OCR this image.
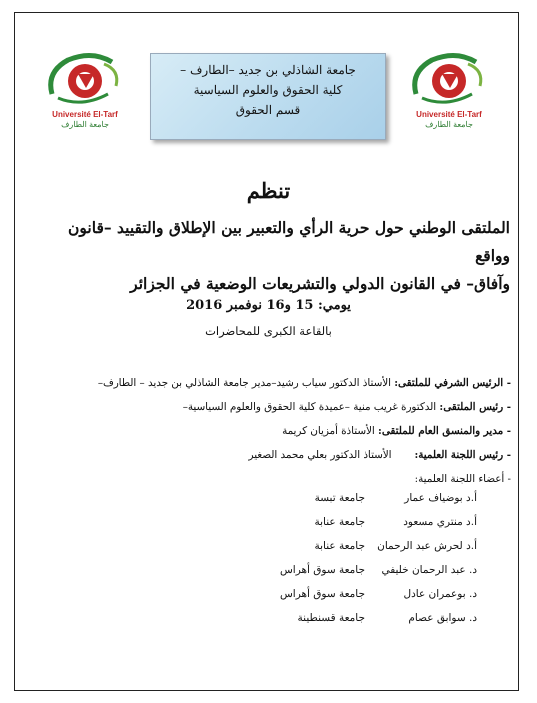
Université El-Tarf
جامعة الطارف
Université El-Tarf
جامعة الطارف
جامعة الشاذلي بن جديد –الطارف –
كلية الحقوق والعلوم السياسية
قسم الحقوق
تنظم
الملتقى الوطني حول حرية الرأي والتعبير بين الإطلاق والتقييد –قانون وواقع
وآفاق– في القانون الدولي والتشريعات الوضعية في الجزائر
يومي: 15 و16 نوفمبر 2016
بالقاعة الكبرى للمحاضرات
- الرئيس الشرفي للملتقى: الأستاذ الدكتور سياب رشيد–مدير جامعة الشاذلي بن جديد – الطارف–
- رئيس الملتقى: الدكتورة غريب منية –عميدة كلية الحقوق والعلوم السياسية–
- مدير والمنسق العام للملتقى: الأستاذة أمزيان كريمة
- رئيس اللجنة العلمية:       الأستاذ الدكتور بعلي محمد الصغير
- أعضاء اللجنة العلمية:
أ.د بوضياف عمار
جامعة تبسة
أ.د منتري مسعود
جامعة عنابة
أ.د لحرش عبد الرحمان
جامعة عنابة
د. عبد الرحمان خليفي
جامعة سوق أهراس
د. بوعمران عادل
جامعة سوق أهراس
د. سوابق عصام
جامعة قسنطينة
